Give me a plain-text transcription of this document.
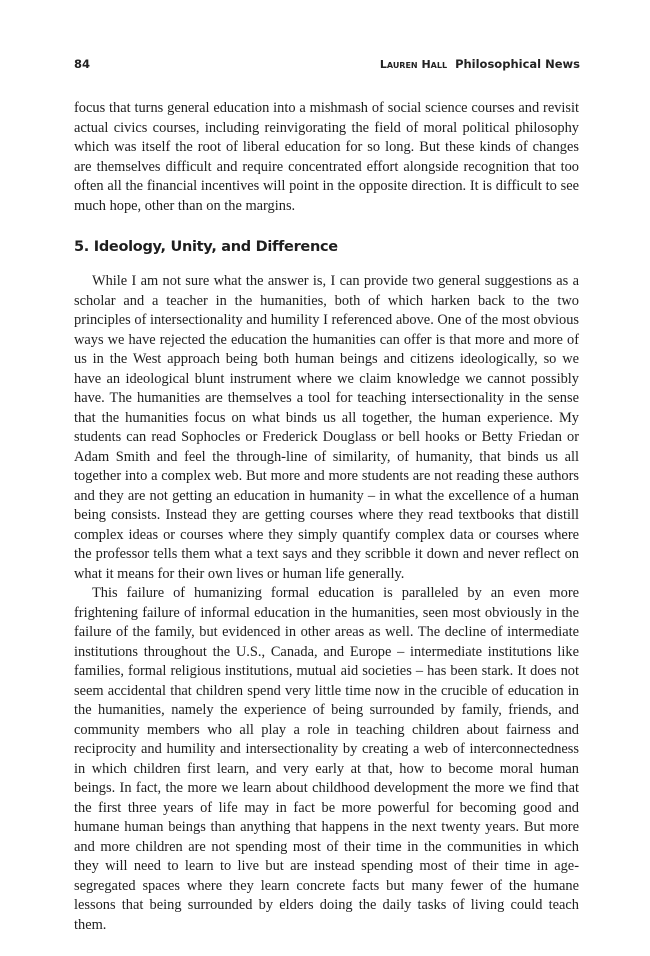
84	Lauren Hall Philosophical News

focus that turns general education into a mishmash of social science courses and revisit actual civics courses, including reinvigorating the field of moral political philosophy which was itself the root of liberal education for so long. But these kinds of changes are themselves difficult and require concentrated effort alongside recognition that too often all the financial incentives will point in the opposite direction. It is difficult to see much hope, other than on the margins.

5. Ideology, Unity, and Difference

While I am not sure what the answer is, I can provide two general suggestions as a scholar and a teacher in the humanities, both of which harken back to the two principles of intersectionality and humility I referenced above. One of the most obvious ways we have rejected the education the humanities can offer is that more and more of us in the West approach being both human beings and citizens ideologically, so we have an ideological blunt instrument where we claim knowledge we cannot possibly have. The humanities are themselves a tool for teaching intersectionality in the sense that the humanities focus on what binds us all together, the human experience. My students can read Sophocles or Frederick Douglass or bell hooks or Betty Friedan or Adam Smith and feel the through-line of similarity, of humanity, that binds us all together into a complex web. But more and more students are not reading these authors and they are not getting an education in humanity – in what the excellence of a human being consists. Instead they are getting courses where they read textbooks that distill complex ideas or courses where they simply quantify complex data or courses where the professor tells them what a text says and they scribble it down and never reflect on what it means for their own lives or human life generally.

This failure of humanizing formal education is paralleled by an even more frightening failure of informal education in the humanities, seen most obviously in the failure of the family, but evidenced in other areas as well. The decline of intermediate institutions throughout the U.S., Canada, and Europe – intermediate institutions like families, formal religious institutions, mutual aid societies – has been stark. It does not seem accidental that children spend very little time now in the crucible of education in the humanities, namely the experience of being surrounded by family, friends, and community members who all play a role in teaching children about fairness and reciprocity and humility and intersectionality by creating a web of interconnectedness in which children first learn, and very early at that, how to become moral human beings. In fact, the more we learn about childhood development the more we find that the first three years of life may in fact be more powerful for becoming good and humane human beings than anything that happens in the next twenty years. But more and more children are not spending most of their time in the communities in which they will need to learn to live but are instead spending most of their time in age-segregated spaces where they learn concrete facts but many fewer of the humane lessons that being surrounded by elders doing the daily tasks of living could teach them.
